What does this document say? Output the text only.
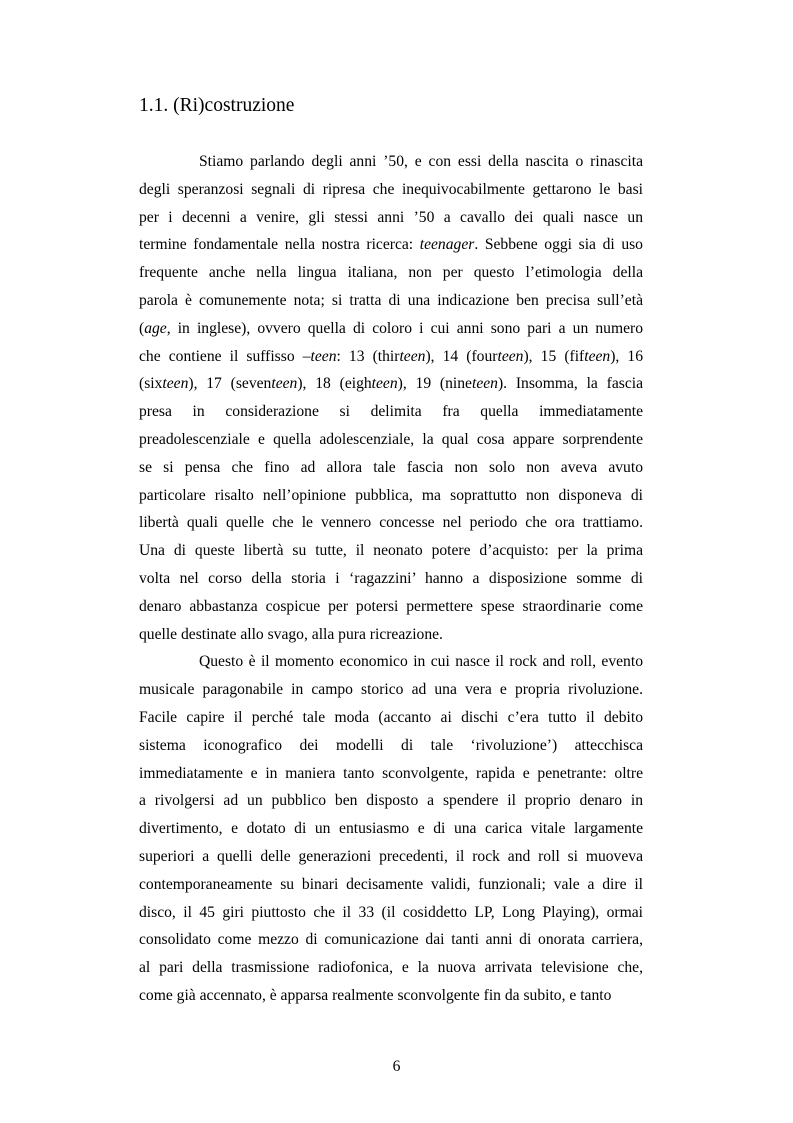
1.1. (Ri)costruzione
Stiamo parlando degli anni ’50, e con essi della nascita o rinascita
degli speranzosi segnali di ripresa che inequivocabilmente gettarono le basi
per i decenni a venire, gli stessi anni ’50 a cavallo dei quali nasce un
termine fondamentale nella nostra ricerca: teenager. Sebbene oggi sia di uso
frequente anche nella lingua italiana, non per questo l’etimologia della
parola è comunemente nota; si tratta di una indicazione ben precisa sull’età
(age, in inglese), ovvero quella di coloro i cui anni sono pari a un numero
che contiene il suffisso –teen: 13 (thirteen), 14 (fourteen), 15 (fifteen), 16
(sixteen), 17 (seventeen), 18 (eighteen), 19 (nineteen). Insomma, la fascia
presa in considerazione si delimita fra quella immediatamente
preadolescenziale e quella adolescenziale, la qual cosa appare sorprendente
se si pensa che fino ad allora tale fascia non solo non aveva avuto
particolare risalto nell’opinione pubblica, ma soprattutto non disponeva di
libertà quali quelle che le vennero concesse nel periodo che ora trattiamo.
Una di queste libertà su tutte, il neonato potere d’acquisto: per la prima
volta nel corso della storia i ‘ragazzini’ hanno a disposizione somme di
denaro abbastanza cospicue per potersi permettere spese straordinarie come
quelle destinate allo svago, alla pura ricreazione.
Questo è il momento economico in cui nasce il rock and roll, evento
musicale paragonabile in campo storico ad una vera e propria rivoluzione.
Facile capire il perché tale moda (accanto ai dischi c’era tutto il debito
sistema iconografico dei modelli di tale ‘rivoluzione’) attecchisca
immediatamente e in maniera tanto sconvolgente, rapida e penetrante: oltre
a rivolgersi ad un pubblico ben disposto a spendere il proprio denaro in
divertimento, e dotato di un entusiasmo e di una carica vitale largamente
superiori a quelli delle generazioni precedenti, il rock and roll si muoveva
contemporaneamente su binari decisamente validi, funzionali; vale a dire il
disco, il 45 giri piuttosto che il 33 (il cosiddetto LP, Long Playing), ormai
consolidato come mezzo di comunicazione dai tanti anni di onorata carriera,
al pari della trasmissione radiofonica, e la nuova arrivata televisione che,
come già accennato, è apparsa realmente sconvolgente fin da subito, e tanto
6
